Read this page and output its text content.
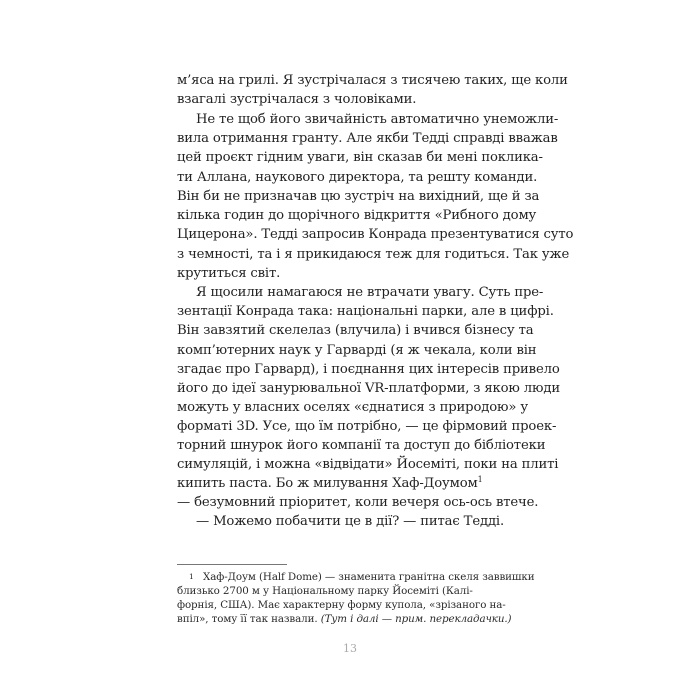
м’яса на грилі. Я зустрічалася з тисячею таких, ще коли
взагалі зустрічалася з чоловіками.
Не те щоб його звичайність автоматично унеможли-
вила отримання гранту. Але якби Тедді справді вважав
цей проєкт гідним уваги, він сказав би мені поклика-
ти Аллана, наукового директора, та решту команди.
Він би не призначав цю зустріч на вихідний, ще й за
кілька годин до щорічного відкриття «Рибного дому
Цицерона». Тедді запросив Конрада презентуватися суто
з чемності, та і я прикидаюся теж для годиться. Так уже
крутиться світ.
Я щосили намагаюся не втрачати увагу. Суть пре-
зентації Конрада така: національні парки, але в цифрі.
Він завзятий скелелаз (влучила) і вчився бізнесу та
комп’ютерних наук у Гарварді (я ж чекала, коли він
згадає про Гарвард), і поєднання цих інтересів привело
його до ідеї занурювальної VR-платформи, з якою люди
можуть у власних оселях «єднатися з природою» у
форматі 3D. Усе, що їм потрібно, — це фірмовий проек-
торний шнурок його компанії та доступ до бібліотеки
симуляцій, і можна «відвідати» Йосеміті, поки на плиті
кипить паста. Бо ж милування Хаф-Доумом$^1$
— безумовний пріоритет, коли вечеря ось-ось втече.
— Можемо побачити це в дії? — питає Тедді.
1 Хаф-Доум (Half Dome) — знаменита гранітна скеля заввишки
близько 2700 м у Національному парку Йосеміті (Калі-
форнія, США). Має характерну форму купола, «зрізаного на-
впіл», тому її так назвали. (Тут і далі — прим. перекладачки.)
13
